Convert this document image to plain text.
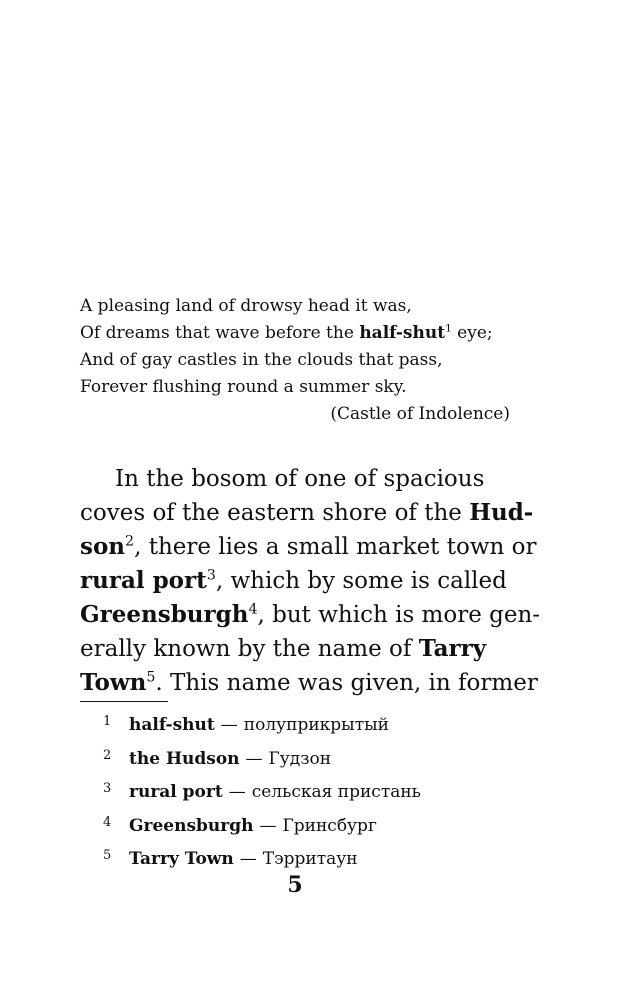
A pleasing land of drowsy head it was,
Of dreams that wave before the half-shut$^1$ eye;
And of gay castles in the clouds that pass,
Forever flushing round a summer sky.
(Castle of Indolence)
In the bosom of one of spacious
coves of the eastern shore of the Hud-
son$^2$, there lies a small market town or
rural port$^3$, which by some is called
Greensburgh$^4$, but which is more gen-
erally known by the name of Tarry
Town$^5$. This name was given, in former
1 half-shut — полуприкрытый
2 the Hudson — Гудзон
3 rural port — сельская пристань
4 Greensburgh — Гринсбург
5 Tarry Town — Тэрритаун
5
